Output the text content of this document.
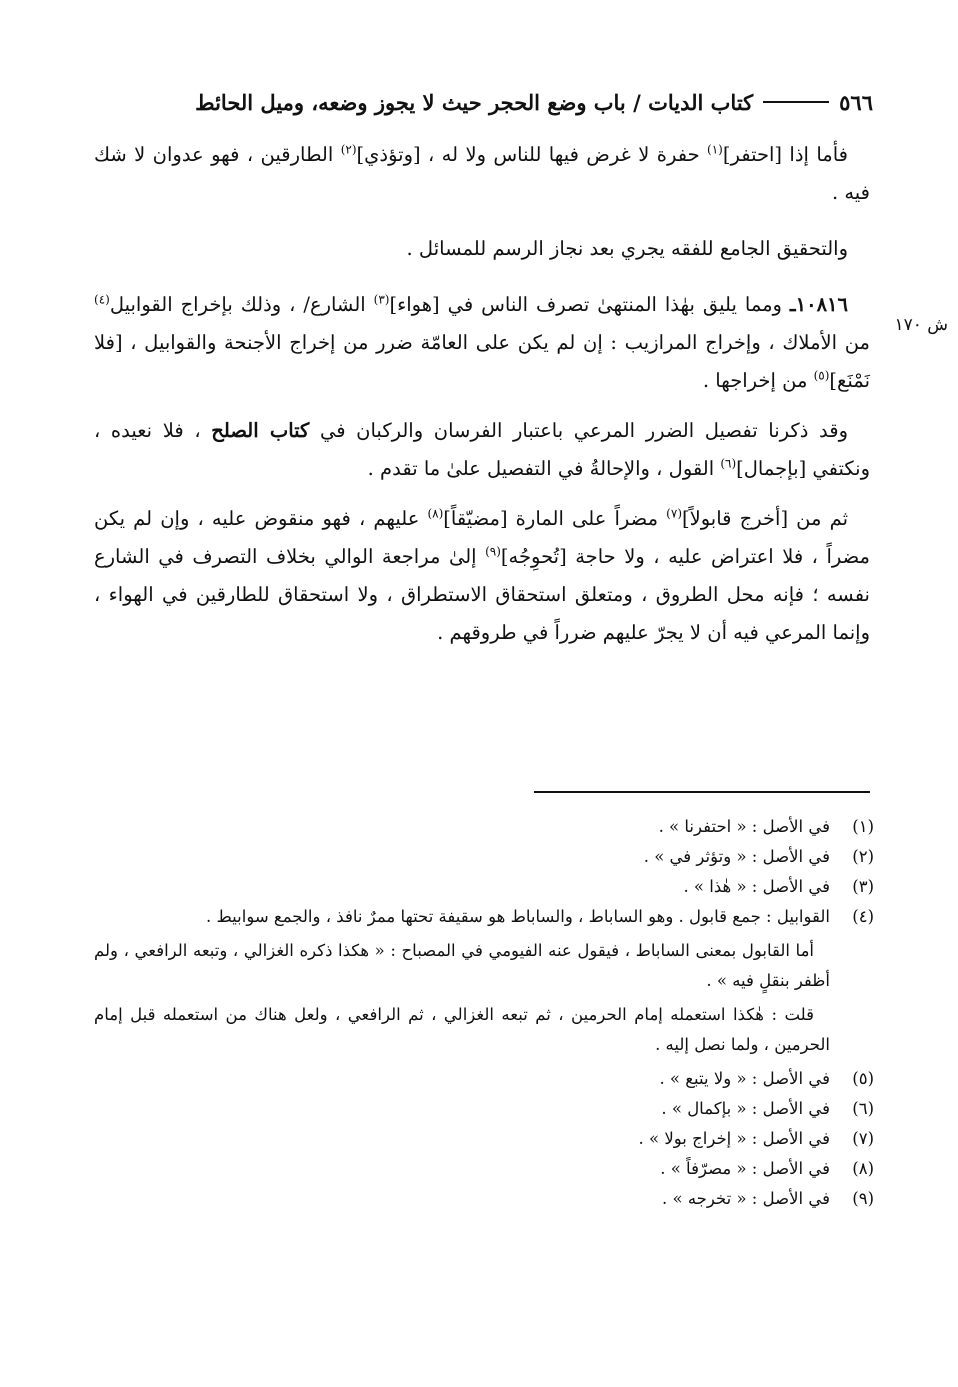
٥٦٦
كتاب الديات / باب وضع الحجر حيث لا يجوز وضعه، وميل الحائط
ش ١٧٠

فأما إذا [احتفر]$^{(١)}$ حفرة لا غرض فيها للناس ولا له ، [وتؤذي]$^{(٢)}$ الطارقين ، فهو عدوان لا شك فيه .

والتحقيق الجامع للفقه يجري بعد نجاز الرسم للمسائل .

١٠٨١٦ـ ومما يليق بهٰذا المنتهىٰ تصرف الناس في [هواء]$^{(٣)}$ الشارع/ ، وذلك بإخراج القوابيل$^{(٤)}$ من الأملاك ، وإخراج المرازيب : إن لم يكن على العامّة ضرر من إخراج الأجنحة والقوابيل ، [فلا نَمْنَع]$^{(٥)}$ من إخراجها .

وقد ذكرنا تفصيل الضرر المرعي باعتبار الفرسان والركبان في كتاب الصلح ، فلا نعيده ، ونكتفي [بإجمال]$^{(٦)}$ القول ، والإحالةُ في التفصيل علىٰ ما تقدم .

ثم من [أخرج قابولاً]$^{(٧)}$ مضراً على المارة [مضيّقاً]$^{(٨)}$ عليهم ، فهو منقوض عليه ، وإن لم يكن مضراً ، فلا اعتراض عليه ، ولا حاجة [تُحوِجُه]$^{(٩)}$ إلىٰ مراجعة الوالي بخلاف التصرف في الشارع نفسه ؛ فإنه محل الطروق ، ومتعلق استحقاق الاستطراق ، ولا استحقاق للطارقين في الهواء ، وإنما المرعي فيه أن لا يجرّ عليهم ضرراً في طروقهم .

(١)
في الأصل : « احتفرنا » .
(٢)
في الأصل : « وتؤثر في » .
(٣)
في الأصل : « هٰذا » .
(٤)
القوابيل : جمع قابول . وهو الساباط ، والساباط هو سقيفة تحتها ممرٌ نافذ ، والجمع سوابيط .
أما القابول بمعنى الساباط ، فيقول عنه الفيومي في المصباح : « هكذا ذكره الغزالي ، وتبعه الرافعي ، ولم أظفر بنقلٍ فيه » .
قلت : هٰكذا استعمله إمام الحرمين ، ثم تبعه الغزالي ، ثم الرافعي ، ولعل هناك من استعمله قبل إمام الحرمين ، ولما نصل إليه .
(٥)
في الأصل : « ولا يتبع » .
(٦)
في الأصل : « بإكمال » .
(٧)
في الأصل : « إخراج بولا » .
(٨)
في الأصل : « مصرّفاً » .
(٩)
في الأصل : « تخرجه » .
